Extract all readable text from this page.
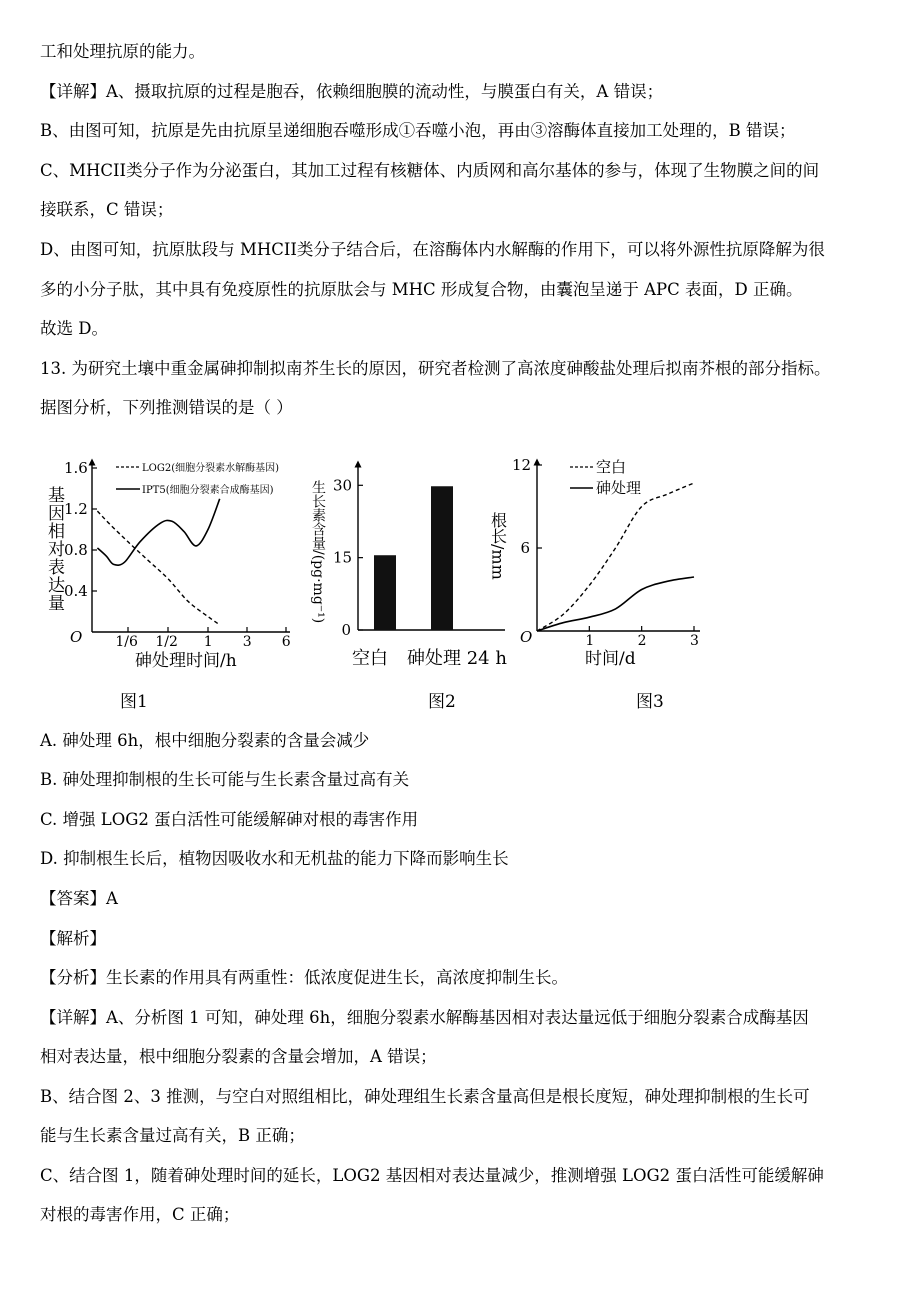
工和处理抗原的能力。
【详解】A、摄取抗原的过程是胞吞，依赖细胞膜的流动性，与膜蛋白有关，A 错误；
B、由图可知，抗原是先由抗原呈递细胞吞噬形成①吞噬小泡，再由③溶酶体直接加工处理的，B 错误；
C、MHCII类分子作为分泌蛋白，其加工过程有核糖体、内质网和高尔基体的参与，体现了生物膜之间的间
接联系，C 错误；
D、由图可知，抗原肽段与 MHCII类分子结合后，在溶酶体内水解酶的作用下，可以将外源性抗原降解为很
多的小分子肽，其中具有免疫原性的抗原肽会与 MHC 形成复合物，由囊泡呈递于 APC 表面，D 正确。
故选 D。
13. 为研究土壤中重金属砷抑制拟南芥生长的原因，研究者检测了高浓度砷酸盐处理后拟南芥根的部分指标。
据图分析，下列推测错误的是（ ）
O
0.4
0.8
1.2
1.6
1/6 1/2 1 3 6
LOG2(细胞分裂素水解酶基因)
IPT5(细胞分裂素合成酶基因)
基因相对表达量
砷处理时间/h
0
15
30
生长素含量/(pg·mg⁻¹)
空白 砷处理 24 h
O
6
12
1	2	3
空白
砷处理
根长/mm
时间/d
图1	图2	图3
A. 砷处理 6h，根中细胞分裂素的含量会减少
B. 砷处理抑制根的生长可能与生长素含量过高有关
C. 增强 LOG2 蛋白活性可能缓解砷对根的毒害作用
D. 抑制根生长后，植物因吸收水和无机盐的能力下降而影响生长
【答案】A
【解析】
【分析】生长素的作用具有两重性：低浓度促进生长，高浓度抑制生长。
【详解】A、分析图 1 可知，砷处理 6h，细胞分裂素水解酶基因相对表达量远低于细胞分裂素合成酶基因
相对表达量，根中细胞分裂素的含量会增加，A 错误；
B、结合图 2、3 推测，与空白对照组相比，砷处理组生长素含量高但是根长度短，砷处理抑制根的生长可
能与生长素含量过高有关，B 正确；
C、结合图 1，随着砷处理时间的延长，LOG2 基因相对表达量减少，推测增强 LOG2 蛋白活性可能缓解砷
对根的毒害作用，C 正确；
